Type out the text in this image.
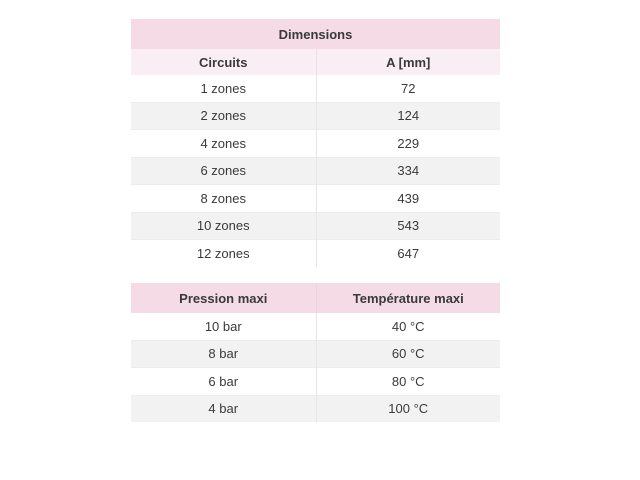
Dimensions	
Circuits	A [mm]
1 zones	72
2 zones	124
4 zones	229
6 zones	334
8 zones	439
10 zones	543
12 zones	647
Pression maxi	Température maxi
10 bar	40 °C
8 bar	60 °C
6 bar	80 °C
4 bar	100 °C
